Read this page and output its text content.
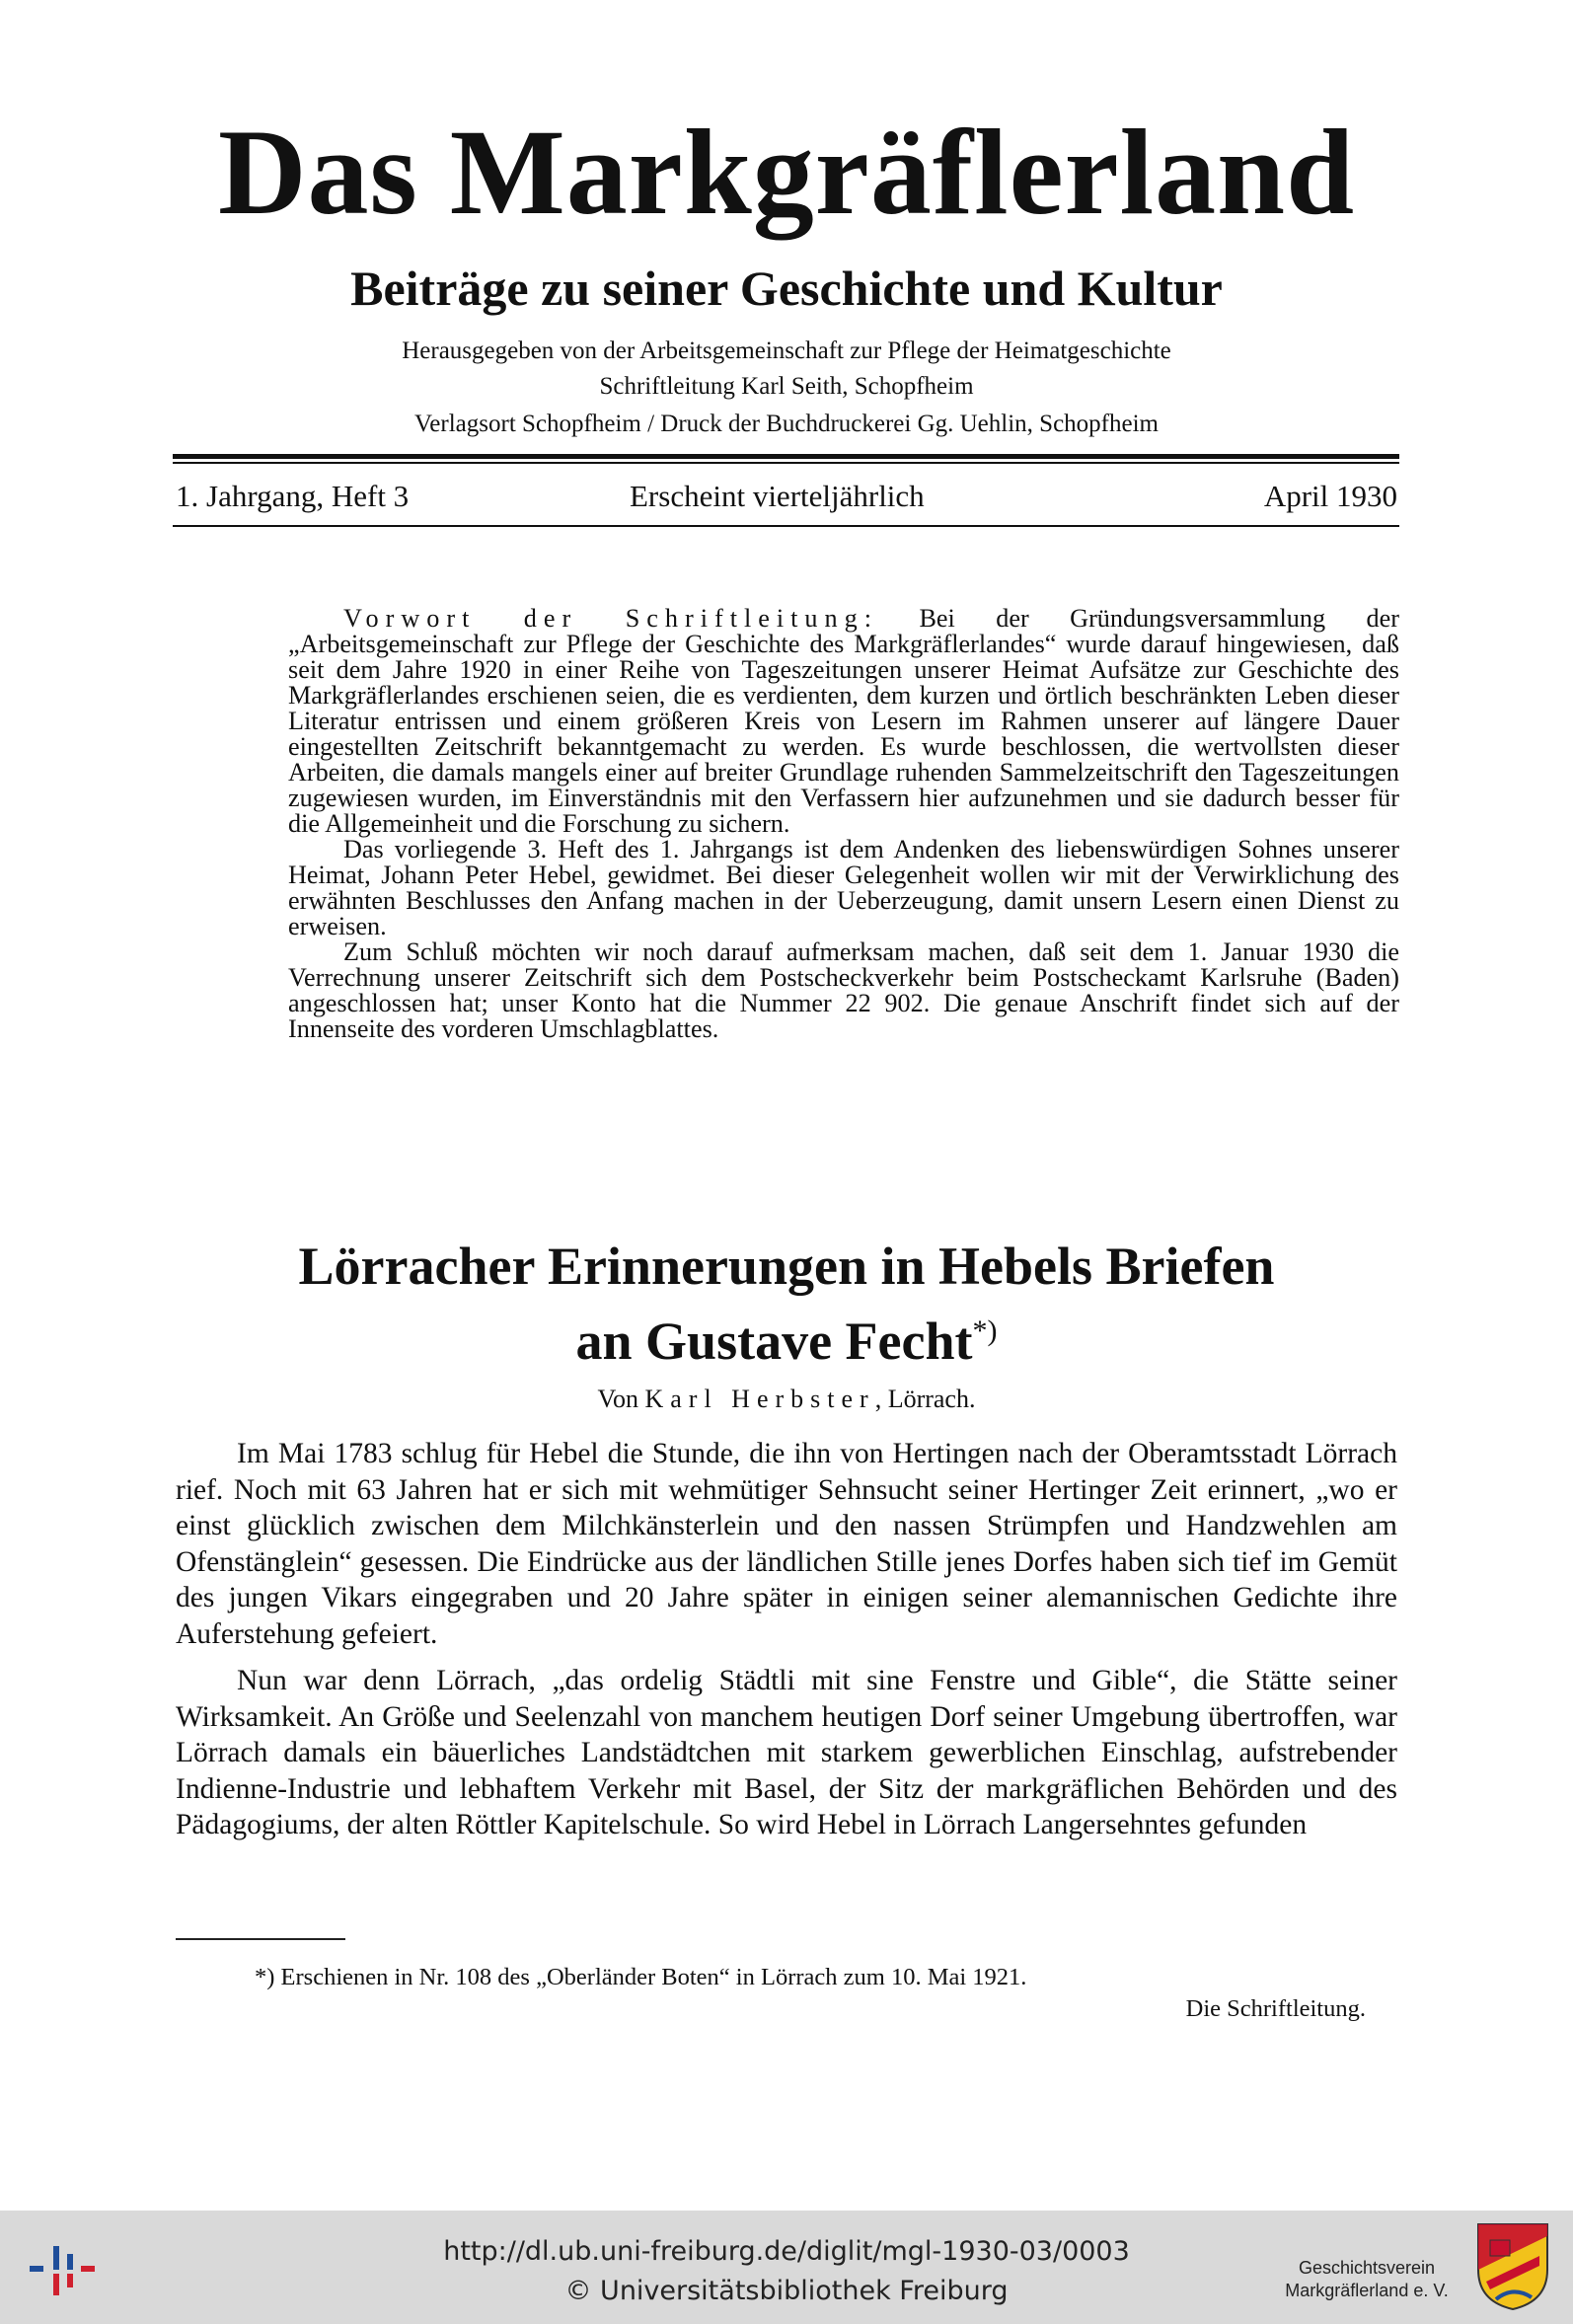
Das Markgräflerland
Beiträge zu seiner Geschichte und Kultur
Herausgegeben von der Arbeitsgemeinschaft zur Pflege der Heimatgeschichte
Schriftleitung Karl Seith, Schopfheim
Verlagsort Schopfheim / Druck der Buchdruckerei Gg. Uehlin, Schopfheim
1. Jahrgang, Heft 3	Erscheint vierteljährlich	April 1930

Vorwort der Schriftleitung: Bei der Gründungsversammlung der „Arbeitsgemeinschaft zur Pflege der Geschichte des Markgräflerlandes“ wurde darauf hingewiesen, daß seit dem Jahre 1920 in einer Reihe von Tageszeitungen unserer Heimat Aufsätze zur Geschichte des Markgräflerlandes erschienen seien, die es verdienten, dem kurzen und örtlich beschränkten Leben dieser Literatur entrissen und einem größeren Kreis von Lesern im Rahmen unserer auf längere Dauer eingestellten Zeitschrift bekanntgemacht zu werden. Es wurde beschlossen, die wertvollsten dieser Arbeiten, die damals mangels einer auf breiter Grundlage ruhenden Sammelzeitschrift den Tageszeitungen zugewiesen wurden, im Einverständnis mit den Verfassern hier aufzunehmen und sie dadurch besser für die Allgemeinheit und die Forschung zu sichern.

Das vorliegende 3. Heft des 1. Jahrgangs ist dem Andenken des liebenswürdigen Sohnes unserer Heimat, Johann Peter Hebel, gewidmet. Bei dieser Gelegenheit wollen wir mit der Verwirklichung des erwähnten Beschlusses den Anfang machen in der Ueberzeugung, damit unsern Lesern einen Dienst zu erweisen.

Zum Schluß möchten wir noch darauf aufmerksam machen, daß seit dem 1. Januar 1930 die Verrechnung unserer Zeitschrift sich dem Postscheckverkehr beim Postscheckamt Karlsruhe (Baden) angeschlossen hat; unser Konto hat die Nummer 22 902. Die genaue Anschrift findet sich auf der Innenseite des vorderen Umschlagblattes.

Lörracher Erinnerungen in Hebels Briefen
an Gustave Fecht*)
Von Karl Herbster, Lörrach.

Im Mai 1783 schlug für Hebel die Stunde, die ihn von Hertingen nach der Oberamtsstadt Lörrach rief. Noch mit 63 Jahren hat er sich mit wehmütiger Sehnsucht seiner Hertinger Zeit erinnert, „wo er einst glücklich zwischen dem Milchkänsterlein und den nassen Strümpfen und Handzwehlen am Ofenstänglein“ gesessen. Die Eindrücke aus der ländlichen Stille jenes Dorfes haben sich tief im Gemüt des jungen Vikars eingegraben und 20 Jahre später in einigen seiner alemannischen Gedichte ihre Auferstehung gefeiert.

Nun war denn Lörrach, „das ordelig Städtli mit sine Fenstre und Gible“, die Stätte seiner Wirksamkeit. An Größe und Seelenzahl von manchem heutigen Dorf seiner Umgebung übertroffen, war Lörrach damals ein bäuerliches Landstädtchen mit starkem gewerblichen Einschlag, aufstrebender Indienne-Industrie und lebhaftem Verkehr mit Basel, der Sitz der markgräflichen Behörden und des Pädagogiums, der alten Röttler Kapitelschule. So wird Hebel in Lörrach Langersehntes gefunden

*) Erschienen in Nr. 108 des „Oberländer Boten“ in Lörrach zum 10. Mai 1921.
Die Schriftleitung.
http://dl.ub.uni-freiburg.de/diglit/mgl-1930-03/0003
© Universitätsbibliothek Freiburg
Geschichtsverein
Markgräflerland e. V.
